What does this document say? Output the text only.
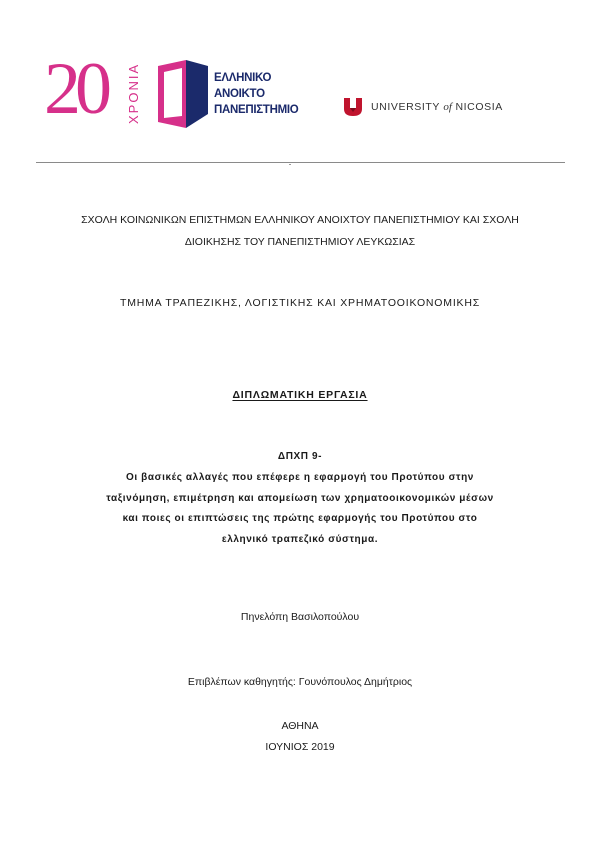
20 ΧΡΟΝΙΑ	ΕΛΛΗΝΙΚΟ
ΑΝΟΙΚΤΟ
ΠΑΝΕΠΙΣΤΗΜΙΟ	UNIVERSITY of NICOSIA
ΣΧΟΛΗ ΚΟΙΝΩΝΙΚΩΝ ΕΠΙΣΤΗΜΩΝ ΕΛΛΗΝΙΚΟΥ ΑΝΟΙΧΤΟΥ ΠΑΝΕΠΙΣΤΗΜΙΟΥ ΚΑΙ ΣΧΟΛΗ
ΔΙΟΙΚΗΣΗΣ ΤΟΥ ΠΑΝΕΠΙΣΤΗΜΙΟΥ ΛΕΥΚΩΣΙΑΣ
ΤΜΗΜΑ ΤΡΑΠΕΖΙΚΗΣ, ΛΟΓΙΣΤΙΚΗΣ ΚΑΙ ΧΡΗΜΑΤΟΟΙΚΟΝΟΜΙΚΗΣ
ΔΙΠΛΩΜΑΤΙΚΗ ΕΡΓΑΣΙΑ
ΔΠΧΠ 9-
Οι βασικές αλλαγές που επέφερε η εφαρμογή του Προτύπου στην
ταξινόμηση, επιμέτρηση και απομείωση των χρηματοοικονομικών μέσων
και ποιες οι επιπτώσεις της πρώτης εφαρμογής του Προτύπου στο
ελληνικό τραπεζικό σύστημα.
Πηνελόπη Βασιλοπούλου
Επιβλέπων καθηγητής: Γουνόπουλος Δημήτριος
ΑΘΗΝΑ
ΙΟΥΝΙΟΣ 2019
